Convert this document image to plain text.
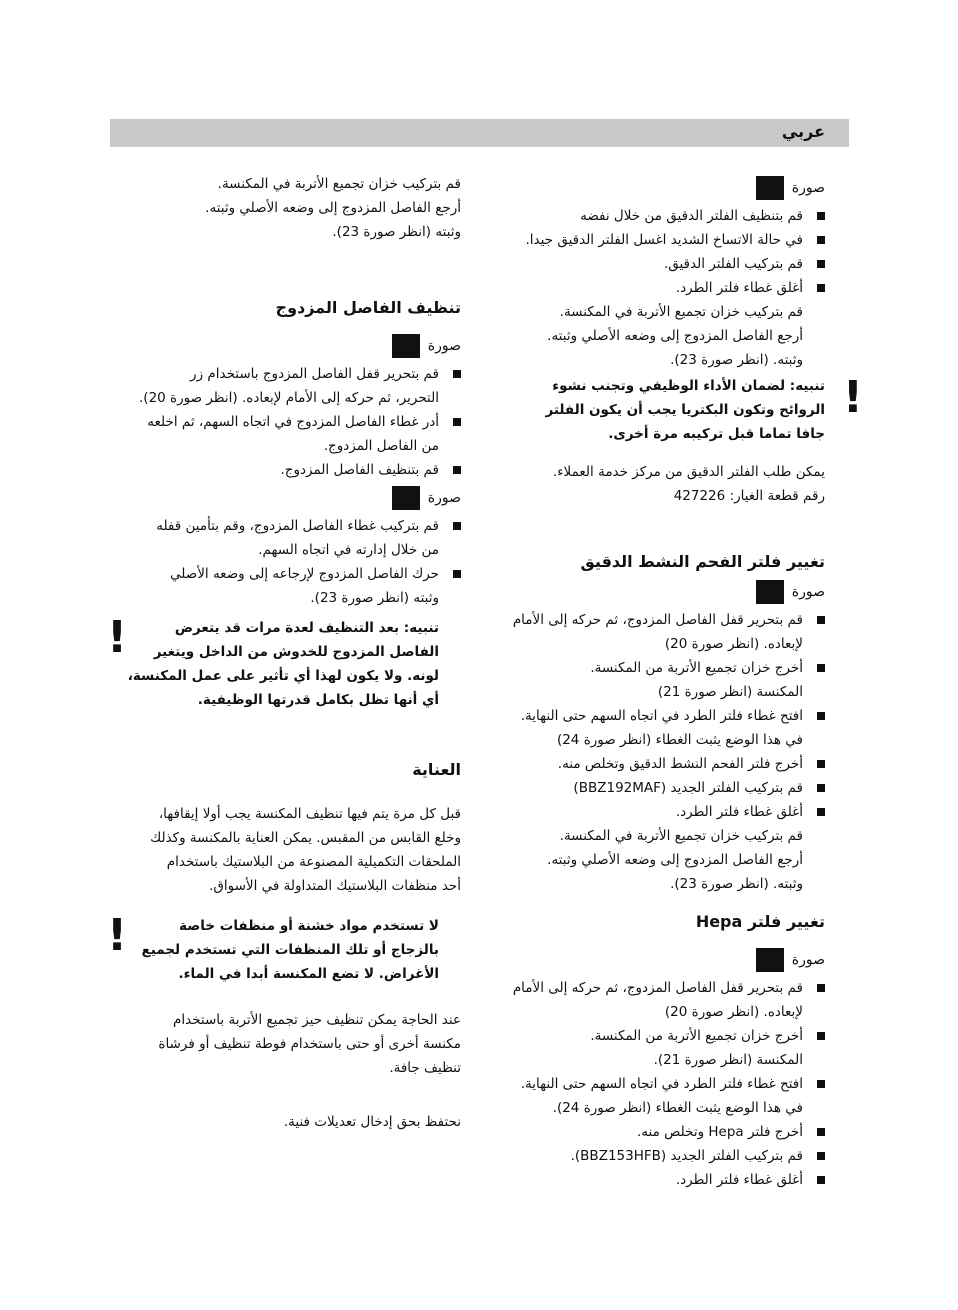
عربي
صورة
قم بتنظيف الفلتر الدقيق من خلال نفضه
في حالة الاتساخ الشديد اغسل الفلتر الدقيق جيدا.
قم بتركيب الفلتر الدقيق.
أغلق غطاء فلتر الطرد.
قم بتركيب خزان تجميع الأتربة في المكنسة.
أرجع الفاصل المزدوج إلى وضعه الأصلي وثبته.
وثبته. (انظر صورة 23).
!
تنبيه: لضمان الأداء الوظيفي وتجنب نشوء
الروائح وتكون البكتريا يجب أن يكون الفلتر
جافا تماما قبل تركيبه مرة أخرى.
يمكن طلب الفلتر الدقيق من مركز خدمة العملاء.
رقم قطعة الغيار: 427226
تغيير فلتر الفحم النشط الدقيق
صورة
قم بتحرير قفل الفاصل المزدوج، ثم حركه إلى الأمام
لإبعاده. (انظر صورة 20)
أخرج خزان تجميع الأتربة من المكنسة.
المكنسة (انظر صورة 21)
افتح غطاء فلتر الطرد في اتجاه السهم حتى النهاية.
في هذا الوضع يثبت الغطاء (انظر صورة 24)
أخرج فلتر الفحم النشط الدقيق وتخلص منه.
قم بتركيب الفلتر الجديد (BBZ192MAF)
أغلق غطاء فلتر الطرد.
قم بتركيب خزان تجميع الأتربة في المكنسة.
أرجع الفاصل المزدوج إلى وضعه الأصلي وثبته.
وثبته. (انظر صورة 23).
تغيير فلتر Hepa
صورة
قم بتحرير قفل الفاصل المزدوج، ثم حركه إلى الأمام
لإبعاده. (انظر صورة 20)
أخرج خزان تجميع الأتربة من المكنسة.
المكنسة (انظر صورة 21).
افتح غطاء فلتر الطرد في اتجاه السهم حتى النهاية.
في هذا الوضع يثبت الغطاء (انظر صورة 24).
أخرج فلتر Hepa وتخلص منه.
قم بتركيب الفلتر الجديد (BBZ153HFB).
أغلق غطاء فلتر الطرد.
قم بتركيب خزان تجميع الأتربة في المكنسة.
أرجع الفاصل المزدوج إلى وضعه الأصلي وثبته.
وثبته (انظر صورة 23).
تنظيف الفاصل المزدوج
صورة
قم بتحرير قفل الفاصل المزدوج باستخدام زر
التحرير، ثم حركه إلى الأمام لإبعاده. (انظر صورة 20).
أدر غطاء الفاصل المزدوج في اتجاه السهم، ثم اخلعه
من الفاصل المزدوج.
قم بتنظيف الفاصل المزدوج.
صورة
قم بتركيب غطاء الفاصل المزدوج، وقم بتأمين قفله
من خلال إدارته في اتجاه السهم.
حرك الفاصل المزدوج لإرجاعه إلى وضعه الأصلي
وثبته (انظر صورة 23).
!	تنبيه: بعد التنظيف لعدة مرات قد يتعرض
الفاصل المزدوج للخدوش من الداخل ويتغير
لونه. ولا يكون لهذا أي تأثير على عمل المكنسة،
أي أنها تظل بكامل قدرتها الوظيفية.
العناية
قبل كل مرة يتم فيها تنظيف المكنسة يجب أولا إيقافها،
وخلع القابس من المقبس. يمكن العناية بالمكنسة وكذلك
الملحقات التكميلية المصنوعة من البلاستيك باستخدام
أحد منظفات البلاستيك المتداولة في الأسواق.
!	لا تستخدم مواد خشنة أو منظفات خاصة
بالزجاج أو تلك المنظفات التي تستخدم لجميع
الأغراض. لا تضع المكنسة أبدا في الماء.
عند الحاجة يمكن تنظيف حيز تجميع الأتربة باستخدام
مكنسة أخرى أو حتى باستخدام فوطة تنظيف أو فرشاة
تنظيف جافة.
نحتفظ بحق إدخال تعديلات فنية.
